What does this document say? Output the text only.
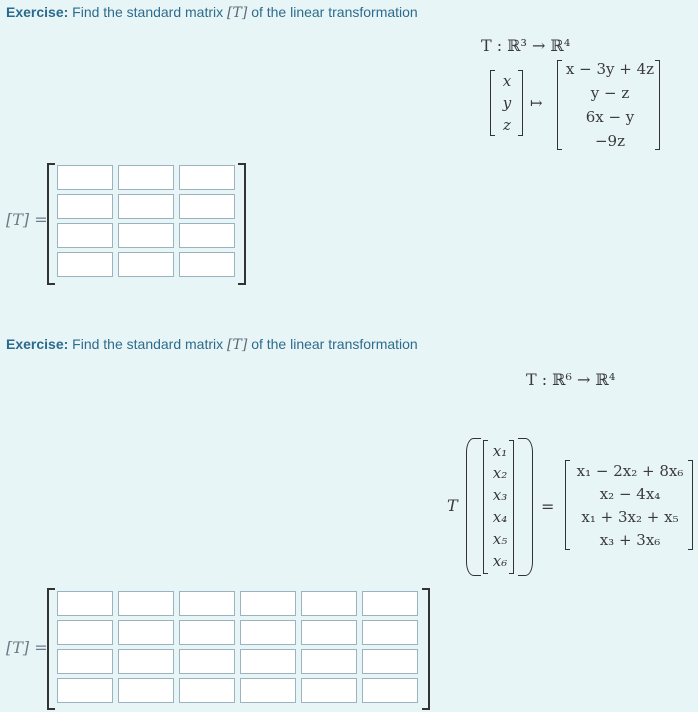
Exercise: Find the standard matrix [T] of the linear transformation
T : ℝ³ → ℝ⁴
x
y
z
↦
x − 3y + 4z
y − z
6x − y
−9z
[T] =
Exercise: Find the standard matrix [T] of the linear transformation
T : ℝ⁶ → ℝ⁴
T
x₁
x₂
x₃
x₄
x₅
x₆
=
x₁ − 2x₂ + 8x₆
x₂ − 4x₄
x₁ + 3x₂ + x₅
x₃ + 3x₆
[T] =
